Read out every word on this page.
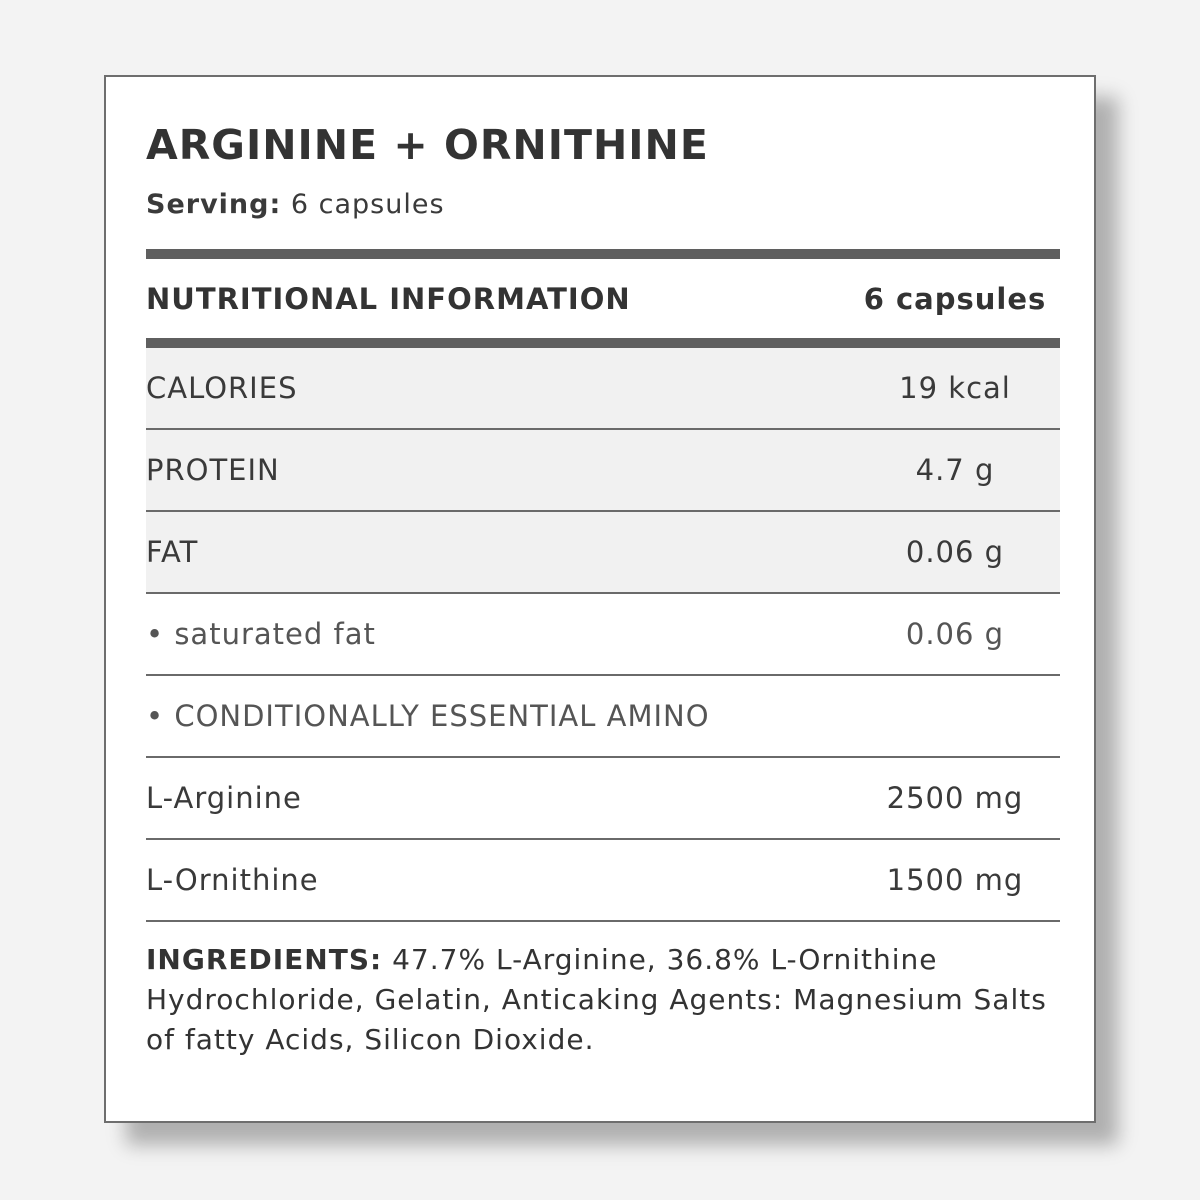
ARGININE + ORNITHINE
Serving: 6 capsules
NUTRITIONAL INFORMATION	6 capsules
CALORIES	19 kcal
PROTEIN	4.7 g
FAT	0.06 g
• saturated fat	0.06 g
• CONDITIONALLY ESSENTIAL AMINO
L-Arginine	2500 mg
L-Ornithine	1500 mg
INGREDIENTS: 47.7% L-Arginine, 36.8% L-Ornithine Hydrochloride, Gelatin, Anticaking Agents: Magnesium Salts of fatty Acids, Silicon Dioxide.
